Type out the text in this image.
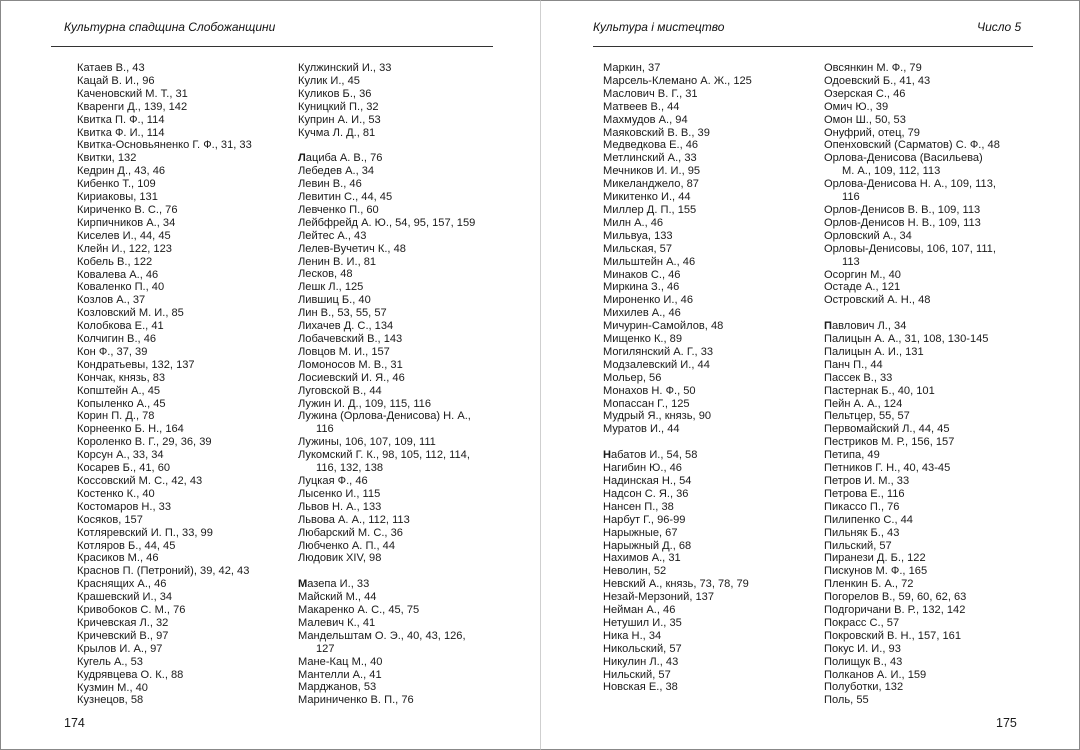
Культурна спадщина Слобожанщини
Катаев В., 43
Кацай В. И., 96
Каченовский М. Т., 31
Кваренги Д., 139, 142
Квитка П. Ф., 114
Квитка Ф. И., 114
Квитка-Основьяненко Г. Ф., 31, 33
Квитки, 132
Кедрин Д., 43, 46
Кибенко Т., 109
Кириаковы, 131
Кириченко В. С., 76
Кирпичников А., 34
Киселев И., 44, 45
Клейн И., 122, 123
Кобель В., 122
Ковалева А., 46
Коваленко П., 40
Козлов А., 37
Козловский М. И., 85
Колобкова Е., 41
Колчигин В., 46
Кон Ф., 37, 39
Кондратьевы, 132, 137
Кончак, князь, 83
Копштейн А., 45
Копыленко А., 45
Корин П. Д., 78
Корнеенко Б. Н., 164
Короленко В. Г., 29, 36, 39
Корсун А., 33, 34
Косарев Б., 41, 60
Коссовский М. С., 42, 43
Костенко К., 40
Костомаров Н., 33
Косяков, 157
Котляревский И. П., 33, 99
Котляров Б., 44, 45
Красиков М., 46
Краснов П. (Петроний), 39, 42, 43
Краснящих А., 46
Крашевский И., 34
Кривобоков С. М., 76
Кричевская Л., 32
Кричевский В., 97
Крылов И. А., 97
Кугель А., 53
Кудрявцева О. К., 88
Кузмин М., 40
Кузнецов, 58
Кулжинский И., 33
Кулик И., 45
Куликов Б., 36
Куницкий П., 32
Куприн А. И., 53
Кучма Л. Д., 81
Лациба А. В., 76
Лебедев А., 34
Левин В., 46
Левитин С., 44, 45
Левченко П., 60
Лейбфрейд А. Ю., 54, 95, 157, 159
Лейтес А., 43
Лелев-Вучетич К., 48
Ленин В. И., 81
Лесков, 48
Лешк Л., 125
Лившиц Б., 40
Лин В., 53, 55, 57
Лихачев Д. С., 134
Лобачевский В., 143
Ловцов М. И., 157
Ломоносов М. В., 31
Лосиевский И. Я., 46
Луговской В., 44
Лужин И. Д., 109, 115, 116
Лужина (Орлова-Денисова) Н. А.,
116
Лужины, 106, 107, 109, 111
Лукомский Г. К., 98, 105, 112, 114,
116, 132, 138
Луцкая Ф., 46
Лысенко И., 115
Львов Н. А., 133
Львова А. А., 112, 113
Любарский М. С., 36
Любченко А. П., 44
Людовик XIV, 98
Мазепа И., 33
Майский М., 44
Макаренко А. С., 45, 75
Малевич К., 41
Мандельштам О. Э., 40, 43, 126,
127
Мане-Кац М., 40
Мантелли А., 41
Марджанов, 53
Мариниченко В. П., 76
174
Культура і мистецтво	Число 5
Маркин, 37
Марсель-Клемано А. Ж., 125
Маслович В. Г., 31
Матвеев В., 44
Махмудов А., 94
Маяковский В. В., 39
Медведкова Е., 46
Метлинский А., 33
Мечников И. И., 95
Микеланджело, 87
Микитенко И., 44
Миллер Д. П., 155
Милн А., 46
Мильвуа, 133
Мильская, 57
Мильштейн А., 46
Минаков С., 46
Миркина З., 46
Мироненко И., 46
Михилев А., 46
Мичурин-Самойлов, 48
Мищенко К., 89
Могилянский А. Г., 33
Модзалевский И., 44
Мольер, 56
Монахов Н. Ф., 50
Мопассан Г., 125
Мудрый Я., князь, 90
Муратов И., 44
Набатов И., 54, 58
Нагибин Ю., 46
Надинская Н., 54
Надсон С. Я., 36
Нансен П., 38
Нарбут Г., 96-99
Нарыжные, 67
Нарыжный Д., 68
Нахимов А., 31
Неволин, 52
Невский А., князь, 73, 78, 79
Незай-Мерзоний, 137
Нейман А., 46
Нетушил И., 35
Ника Н., 34
Никольский, 57
Никулин Л., 43
Нильский, 57
Новская Е., 38
Овсянкин М. Ф., 79
Одоевский Б., 41, 43
Озерская С., 46
Омич Ю., 39
Омон Ш., 50, 53
Онуфрий, отец, 79
Опенховский (Сарматов) С. Ф., 48
Орлова-Денисова (Васильева)
М. А., 109, 112, 113
Орлова-Денисова Н. А., 109, 113,
116
Орлов-Денисов В. В., 109, 113
Орлов-Денисов Н. В., 109, 113
Орловский А., 34
Орловы-Денисовы, 106, 107, 111,
113
Осоргин М., 40
Остаде А., 121
Островский А. Н., 48
Павлович Л., 34
Палицын А. А., 31, 108, 130-145
Палицын А. И., 131
Панч П., 44
Пассек В., 33
Пастернак Б., 40, 101
Пейн А. А., 124
Пельтцер, 55, 57
Первомайский Л., 44, 45
Пестриков М. Р., 156, 157
Петипа, 49
Петников Г. Н., 40, 43-45
Петров И. М., 33
Петрова Е., 116
Пикассо П., 76
Пилипенко С., 44
Пильняк Б., 43
Пильский, 57
Пиранези Д. Б., 122
Пискунов М. Ф., 165
Пленкин Б. А., 72
Погорелов В., 59, 60, 62, 63
Подгоричани В. Р., 132, 142
Покрасс С., 57
Покровский В. Н., 157, 161
Покус И. И., 93
Полищук В., 43
Полканов А. И., 159
Полуботки, 132
Поль, 55
175
